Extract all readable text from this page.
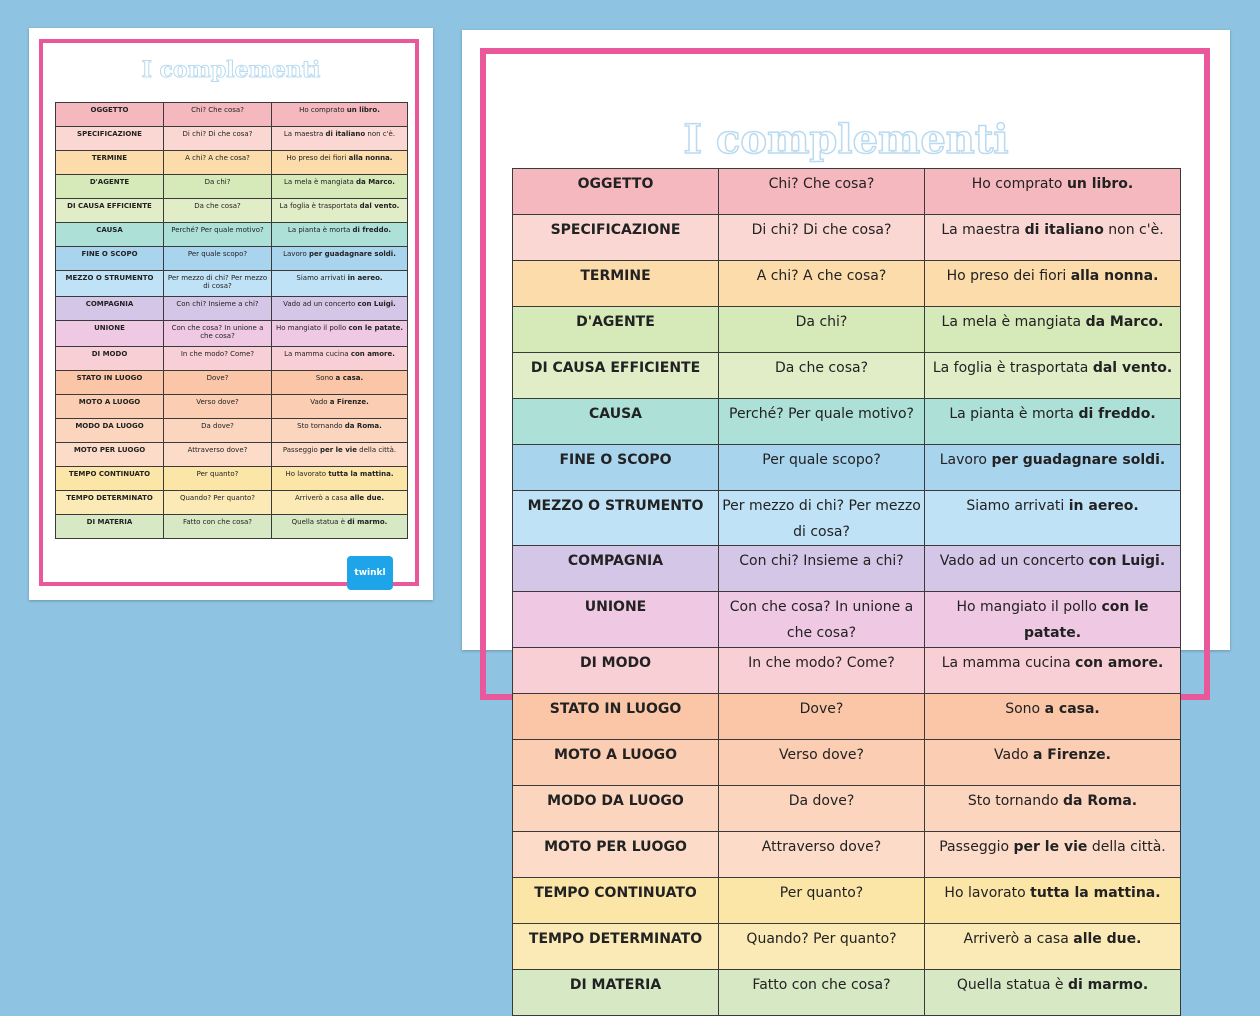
I complementi
OGGETTO	Chi? Che cosa?	Ho comprato un libro.
SPECIFICAZIONE	Di chi? Di che cosa?	La maestra di italiano non c'è.
TERMINE	A chi? A che cosa?	Ho preso dei fiori alla nonna.
D'AGENTE	Da chi?	La mela è mangiata da Marco.
DI CAUSA EFFICIENTE	Da che cosa?	La foglia è trasportata dal vento.
CAUSA	Perché? Per quale motivo?	La pianta è morta di freddo.
FINE O SCOPO	Per quale scopo?	Lavoro per guadagnare soldi.
MEZZO O STRUMENTO	Per mezzo di chi? Per mezzo di cosa?	Siamo arrivati in aereo.
COMPAGNIA	Con chi? Insieme a chi?	Vado ad un concerto con Luigi.
UNIONE	Con che cosa? In unione a che cosa?	Ho mangiato il pollo con le patate.
DI MODO	In che modo? Come?	La mamma cucina con amore.
STATO IN LUOGO	Dove?	Sono a casa.
MOTO A LUOGO	Verso dove?	Vado a Firenze.
MODO DA LUOGO	Da dove?	Sto tornando da Roma.
MOTO PER LUOGO	Attraverso dove?	Passeggio per le vie della città.
TEMPO CONTINUATO	Per quanto?	Ho lavorato tutta la mattina.
TEMPO DETERMINATO	Quando? Per quanto?	Arriverò a casa alle due.
DI MATERIA	Fatto con che cosa?	Quella statua è di marmo.
twinkl
I complementi
OGGETTO	Chi? Che cosa?	Ho comprato un libro.
SPECIFICAZIONE	Di chi? Di che cosa?	La maestra di italiano non c'è.
TERMINE	A chi? A che cosa?	Ho preso dei fiori alla nonna.
D'AGENTE	Da chi?	La mela è mangiata da Marco.
DI CAUSA EFFICIENTE	Da che cosa?	La foglia è trasportata dal vento.
CAUSA	Perché? Per quale motivo?	La pianta è morta di freddo.
FINE O SCOPO	Per quale scopo?	Lavoro per guadagnare soldi.
MEZZO O STRUMENTO	Per mezzo di chi? Per mezzo di cosa?	Siamo arrivati in aereo.
COMPAGNIA	Con chi? Insieme a chi?	Vado ad un concerto con Luigi.
UNIONE	Con che cosa? In unione a che cosa?	Ho mangiato il pollo con le patate.
DI MODO	In che modo? Come?	La mamma cucina con amore.
STATO IN LUOGO	Dove?	Sono a casa.
MOTO A LUOGO	Verso dove?	Vado a Firenze.
MODO DA LUOGO	Da dove?	Sto tornando da Roma.
MOTO PER LUOGO	Attraverso dove?	Passeggio per le vie della città.
TEMPO CONTINUATO	Per quanto?	Ho lavorato tutta la mattina.
TEMPO DETERMINATO	Quando? Per quanto?	Arriverò a casa alle due.
DI MATERIA	Fatto con che cosa?	Quella statua è di marmo.
